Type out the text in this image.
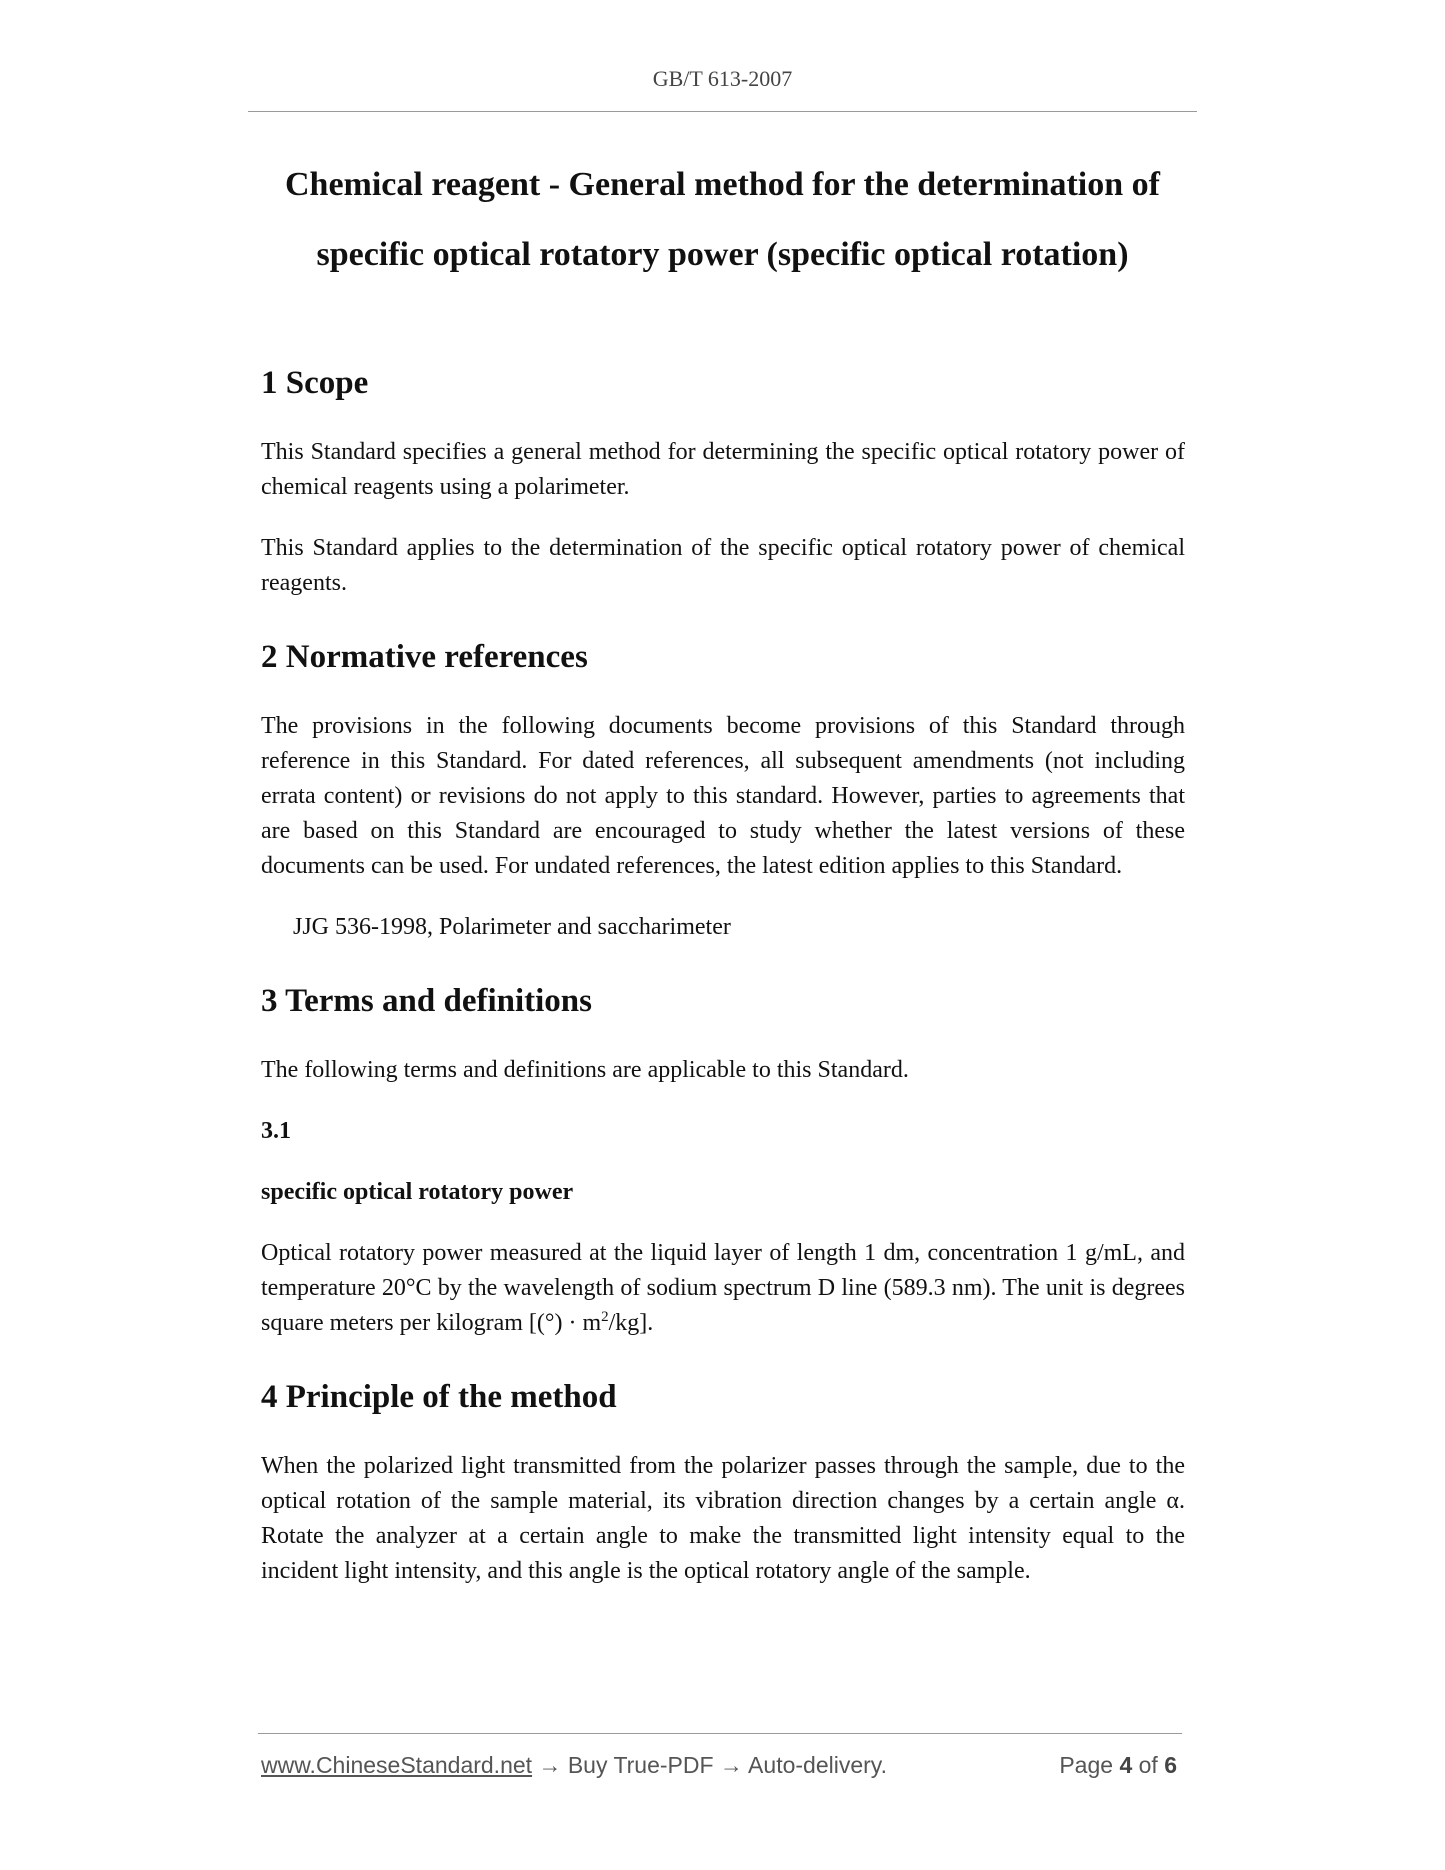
GB/T 613-2007
Chemical reagent - General method for the determination of
specific optical rotatory power (specific optical rotation)
1 Scope

This Standard specifies a general method for determining the specific optical rotatory power of chemical reagents using a polarimeter.

This Standard applies to the determination of the specific optical rotatory power of chemical reagents.

2 Normative references

The provisions in the following documents become provisions of this Standard through reference in this Standard. For dated references, all subsequent amendments (not including errata content) or revisions do not apply to this standard. However, parties to agreements that are based on this Standard are encouraged to study whether the latest versions of these documents can be used. For undated references, the latest edition applies to this Standard.

JJG 536-1998, Polarimeter and saccharimeter

3 Terms and definitions

The following terms and definitions are applicable to this Standard.

3.1
specific optical rotatory power

Optical rotatory power measured at the liquid layer of length 1 dm, concentration 1 g/mL, and temperature 20°C by the wavelength of sodium spectrum D line (589.3 nm). The unit is degrees square meters per kilogram [(°) · $m^2/kg$].

4 Principle of the method

When the polarized light transmitted from the polarizer passes through the sample, due to the optical rotation of the sample material, its vibration direction changes by a certain angle α. Rotate the analyzer at a certain angle to make the transmitted light intensity equal to the incident light intensity, and this angle is the optical rotatory angle of the sample.

www.ChineseStandard.net → Buy True-PDF → Auto-delivery.	Page 4 of 6
